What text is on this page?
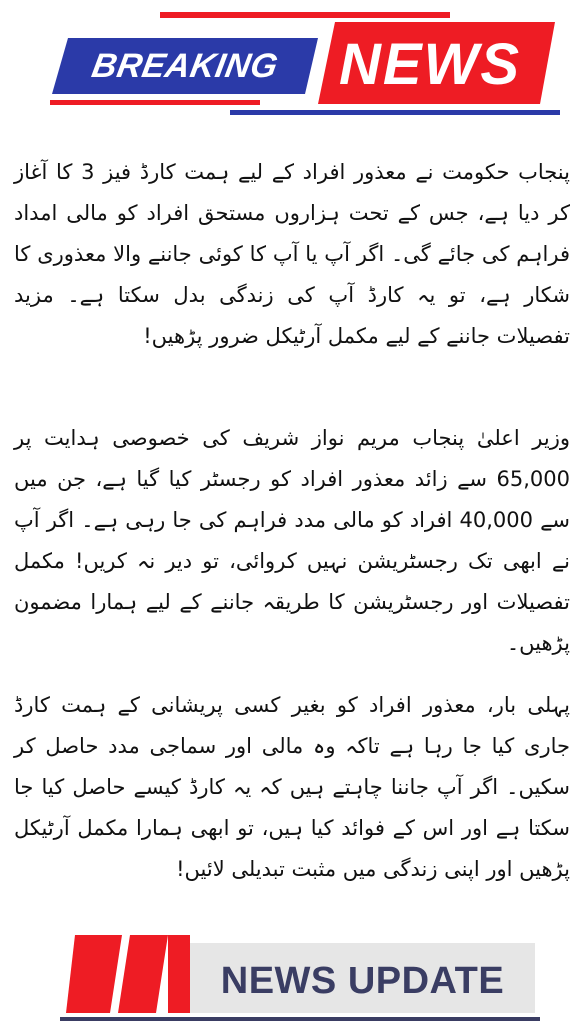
BREAKING NEWS

پنجاب حکومت نے معذور افراد کے لیے ہمت کارڈ فیز 3 کا آغاز کر دیا ہے، جس کے تحت ہزاروں مستحق افراد کو مالی امداد فراہم کی جائے گی۔ اگر آپ یا آپ کا کوئی جاننے والا معذوری کا شکار ہے، تو یہ کارڈ آپ کی زندگی بدل سکتا ہے۔ مزید تفصیلات جاننے کے لیے مکمل آرٹیکل ضرور پڑھیں!

وزیر اعلیٰ پنجاب مریم نواز شریف کی خصوصی ہدایت پر 65,000 سے زائد معذور افراد کو رجسٹر کیا گیا ہے، جن میں سے 40,000 افراد کو مالی مدد فراہم کی جا رہی ہے۔ اگر آپ نے ابھی تک رجسٹریشن نہیں کروائی، تو دیر نہ کریں! مکمل تفصیلات اور رجسٹریشن کا طریقہ جاننے کے لیے ہمارا مضمون پڑھیں۔

پہلی بار، معذور افراد کو بغیر کسی پریشانی کے ہمت کارڈ جاری کیا جا رہا ہے تاکہ وہ مالی اور سماجی مدد حاصل کر سکیں۔ اگر آپ جاننا چاہتے ہیں کہ یہ کارڈ کیسے حاصل کیا جا سکتا ہے اور اس کے فوائد کیا ہیں، تو ابھی ہمارا مکمل آرٹیکل پڑھیں اور اپنی زندگی میں مثبت تبدیلی لائیں!

NEWS UPDATE
